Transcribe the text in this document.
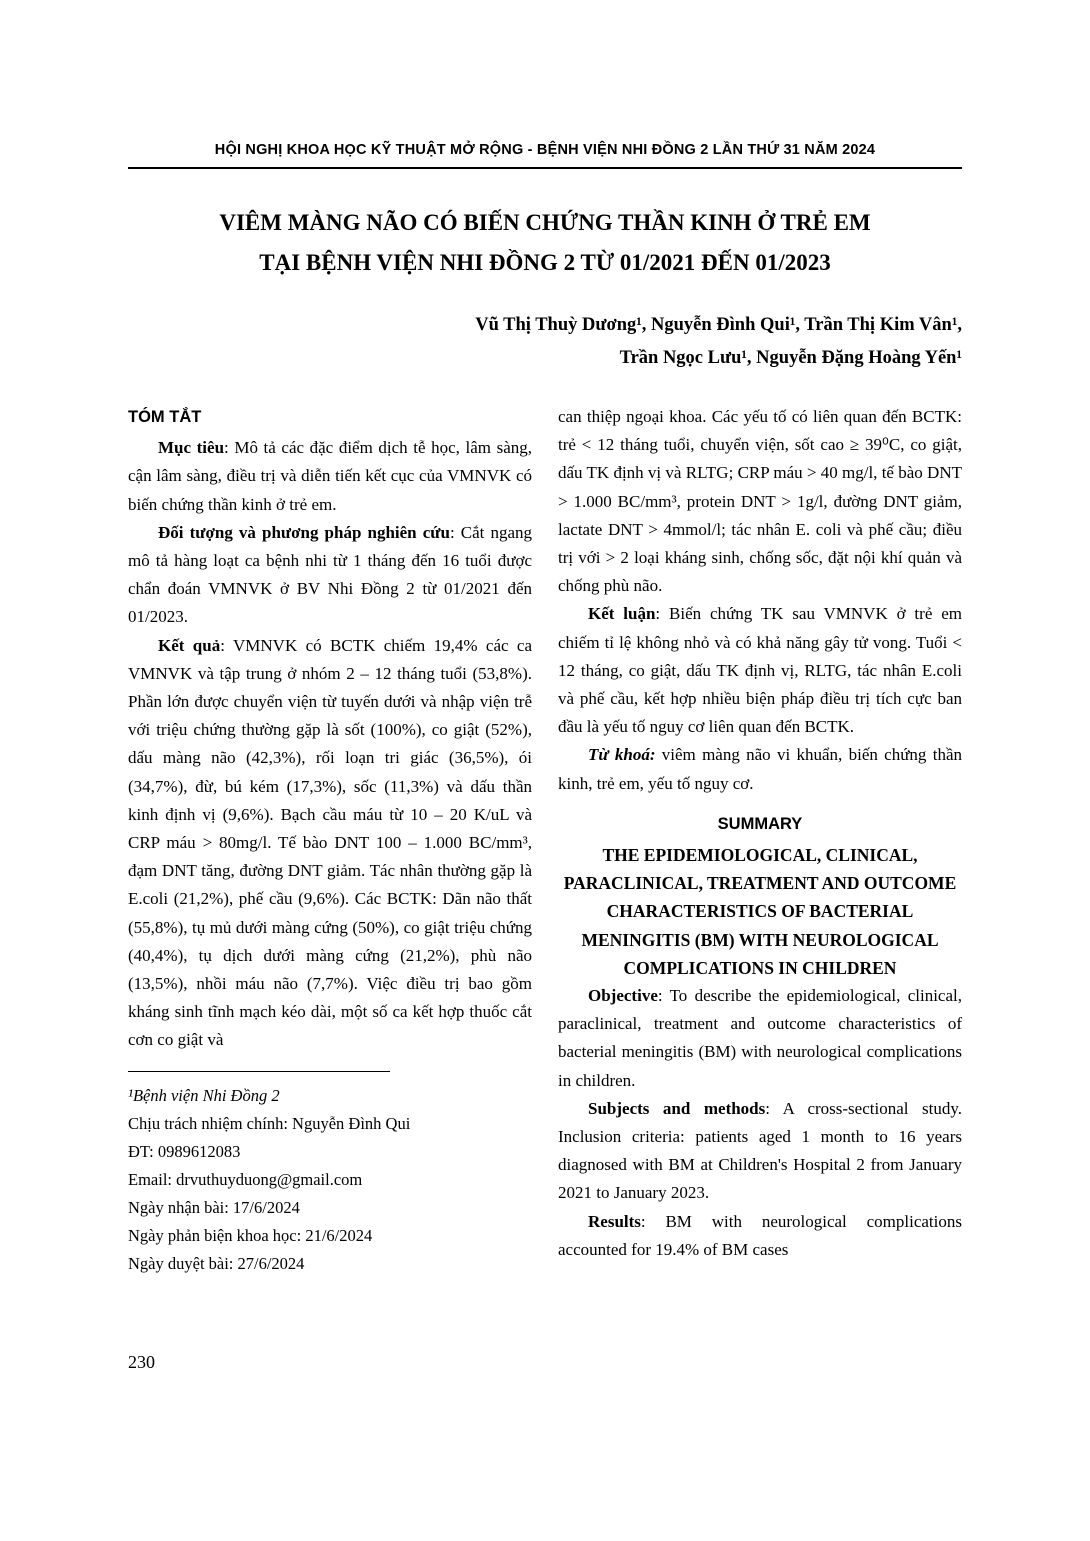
HỘI NGHỊ KHOA HỌC KỸ THUẬT MỞ RỘNG - BỆNH VIỆN NHI ĐỒNG 2 LẦN THỨ 31 NĂM 2024
VIÊM MÀNG NÃO CÓ BIẾN CHỨNG THẦN KINH Ở TRẺ EM
TẠI BỆNH VIỆN NHI ĐỒNG 2 TỪ 01/2021 ĐẾN 01/2023
Vũ Thị Thuỳ Dương¹, Nguyễn Đình Qui¹, Trần Thị Kim Vân¹,
Trần Ngọc Lưu¹, Nguyễn Đặng Hoàng Yến¹
TÓM TẮT

Mục tiêu: Mô tả các đặc điểm dịch tễ học, lâm sàng, cận lâm sàng, điều trị và diễn tiến kết cục của VMNVK có biến chứng thần kinh ở trẻ em.

Đối tượng và phương pháp nghiên cứu: Cắt ngang mô tả hàng loạt ca bệnh nhi từ 1 tháng đến 16 tuổi được chẩn đoán VMNVK ở BV Nhi Đồng 2 từ 01/2021 đến 01/2023.

Kết quả: VMNVK có BCTK chiếm 19,4% các ca VMNVK và tập trung ở nhóm 2 – 12 tháng tuổi (53,8%). Phần lớn được chuyển viện từ tuyến dưới và nhập viện trễ với triệu chứng thường gặp là sốt (100%), co giật (52%), dấu màng não (42,3%), rối loạn tri giác (36,5%), ói (34,7%), đừ, bú kém (17,3%), sốc (11,3%) và dấu thần kinh định vị (9,6%). Bạch cầu máu từ 10 – 20 K/uL và CRP máu > 80mg/l. Tế bào DNT 100 – 1.000 BC/mm³, đạm DNT tăng, đường DNT giảm. Tác nhân thường gặp là E.coli (21,2%), phế cầu (9,6%). Các BCTK: Dãn não thất (55,8%), tụ mủ dưới màng cứng (50%), co giật triệu chứng (40,4%), tụ dịch dưới màng cứng (21,2%), phù não (13,5%), nhồi máu não (7,7%). Việc điều trị bao gồm kháng sinh tĩnh mạch kéo dài, một số ca kết hợp thuốc cắt cơn co giật và

¹Bệnh viện Nhi Đồng 2
Chịu trách nhiệm chính: Nguyễn Đình Qui
ĐT: 0989612083
Email: drvuthuyduong@gmail.com
Ngày nhận bài: 17/6/2024
Ngày phản biện khoa học: 21/6/2024
Ngày duyệt bài: 27/6/2024

can thiệp ngoại khoa. Các yếu tố có liên quan đến BCTK: trẻ < 12 tháng tuổi, chuyển viện, sốt cao ≥ 39⁰C, co giật, dấu TK định vị và RLTG; CRP máu > 40 mg/l, tế bào DNT > 1.000 BC/mm³, protein DNT > 1g/l, đường DNT giảm, lactate DNT > 4mmol/l; tác nhân E. coli và phế cầu; điều trị với > 2 loại kháng sinh, chống sốc, đặt nội khí quản và chống phù não.

Kết luận: Biến chứng TK sau VMNVK ở trẻ em chiếm tỉ lệ không nhỏ và có khả năng gây tử vong. Tuổi < 12 tháng, co giật, dấu TK định vị, RLTG, tác nhân E.coli và phế cầu, kết hợp nhiều biện pháp điều trị tích cực ban đầu là yếu tố nguy cơ liên quan đến BCTK.

Từ khoá: viêm màng não vi khuẩn, biến chứng thần kinh, trẻ em, yếu tố nguy cơ.

SUMMARY

THE EPIDEMIOLOGICAL, CLINICAL, PARACLINICAL, TREATMENT AND OUTCOME CHARACTERISTICS OF BACTERIAL MENINGITIS (BM) WITH NEUROLOGICAL COMPLICATIONS IN CHILDREN

Objective: To describe the epidemiological, clinical, paraclinical, treatment and outcome characteristics of bacterial meningitis (BM) with neurological complications in children.

Subjects and methods: A cross-sectional study. Inclusion criteria: patients aged 1 month to 16 years diagnosed with BM at Children's Hospital 2 from January 2021 to January 2023.

Results: BM with neurological complications accounted for 19.4% of BM cases

230
